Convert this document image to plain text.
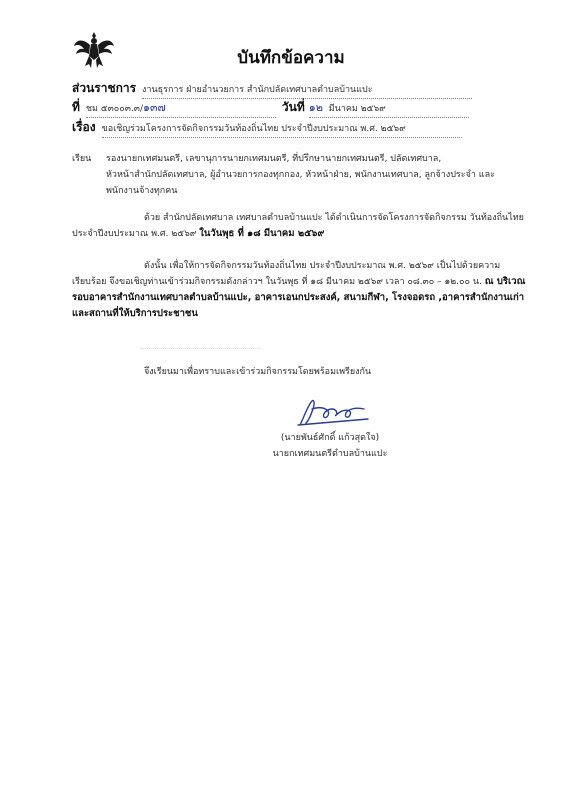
บันทึกข้อความ
ส่วนราชการ งานธุรการ ฝ่ายอำนวยการ สำนักปลัดเทศบาลตำบลบ้านแปะ
ที่ ชม ๕๓๐๐๓.๓/๑๓๗	วันที่ ๑๒ มีนาคม ๒๕๖๙
เรื่อง ขอเชิญร่วมโครงการจัดกิจกรรมวันท้องถิ่นไทย ประจำปีงบประมาณ พ.ศ. ๒๕๖๙
เรียน รองนายกเทศมนตรี, เลขานุการนายกเทศมนตรี, ที่ปรึกษานายกเทศมนตรี, ปลัดเทศบาล,
หัวหน้าสำนักปลัดเทศบาล, ผู้อำนวยการกองทุกกอง, หัวหน้าฝ่าย, พนักงานเทศบาล, ลูกจ้างประจำ และ
พนักงานจ้างทุกคน
ด้วย สำนักปลัดเทศบาล เทศบาลตำบลบ้านแปะ ได้ดำเนินการจัดโครงการจัดกิจกรรม วันท้องถิ่นไทย ประจำปีงบประมาณ พ.ศ. ๒๕๖๙ ในวันพุธ ที่ ๑๘ มีนาคม ๒๕๖๙
ดังนั้น เพื่อให้การจัดกิจกรรมวันท้องถิ่นไทย ประจำปีงบประมาณ พ.ศ. ๒๕๖๙ เป็นไปด้วยความเรียบร้อย จึงขอเชิญท่านเข้าร่วมกิจกรรมดังกล่าวฯ ในวันพุธ ที่ ๑๘ มีนาคม ๒๕๖๙ เวลา ๐๘.๓๐ – ๑๒.๐๐ น. ณ บริเวณรอบอาคารสำนักงานเทศบาลตำบลบ้านแปะ, อาคารเอนกประสงค์, สนามกีฬา, โรงจอดรถ ,อาคารสำนักงานเก่า และสถานที่ให้บริการประชาชน
จึงเรียนมาเพื่อทราบและเข้าร่วมกิจกรรมโดยพร้อมเพรียงกัน
(นายพันธ์ศักดิ์ แก้วสุดใจ)
นายกเทศมนตรีตำบลบ้านแปะ
